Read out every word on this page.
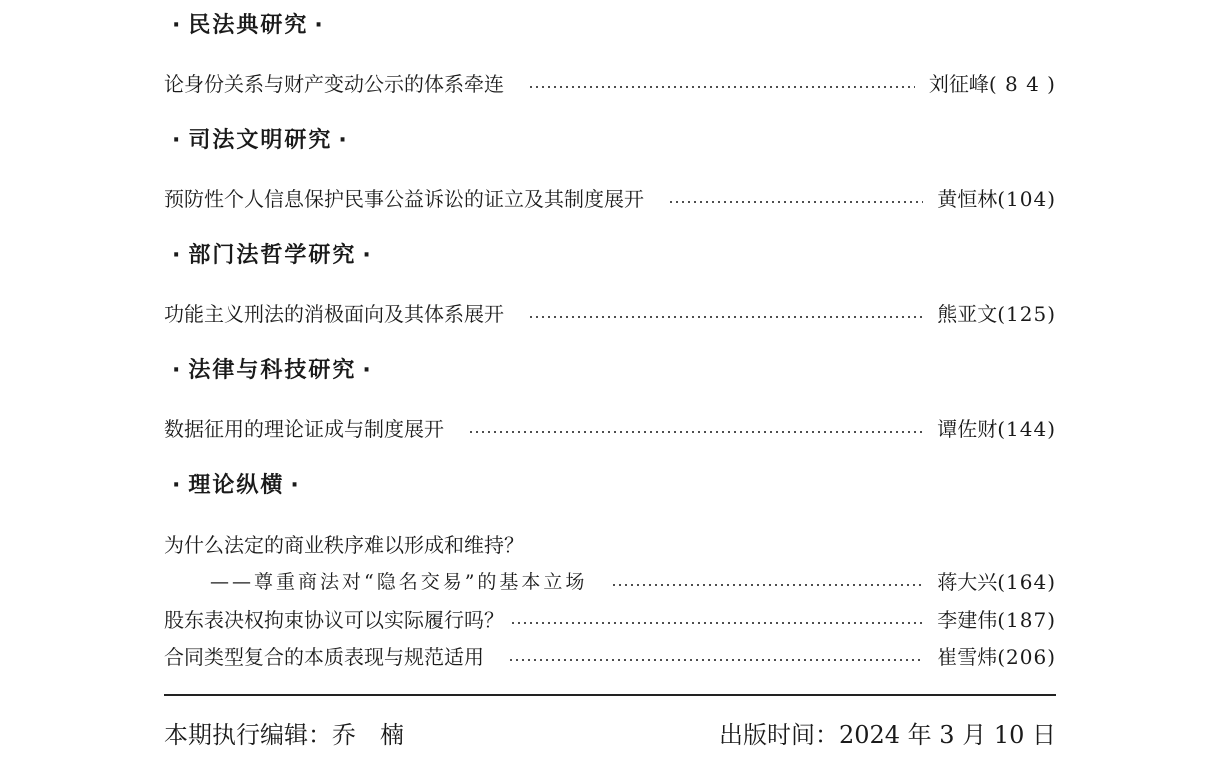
· 民法典研究 ·
论身份关系与财产变动公示的体系牵连	刘征峰 ( 8 4 )
· 司法文明研究 ·
预防性个人信息保护民事公益诉讼的证立及其制度展开	黄恒林 (104)
· 部门法哲学研究 ·
功能主义刑法的消极面向及其体系展开	熊亚文 (125)
· 法律与科技研究 ·
数据征用的理论证成与制度展开	谭佐财 (144)
· 理论纵横 ·
为什么法定的商业秩序难以形成和维持？
——尊重商法对“隐名交易”的基本立场	蒋大兴 (164)
股东表决权拘束协议可以实际履行吗？	李建伟 (187)
合同类型复合的本质表现与规范适用	崔雪炜 (206)
本期执行编辑：乔　楠	出版时间：2024 年 3 月 10 日
